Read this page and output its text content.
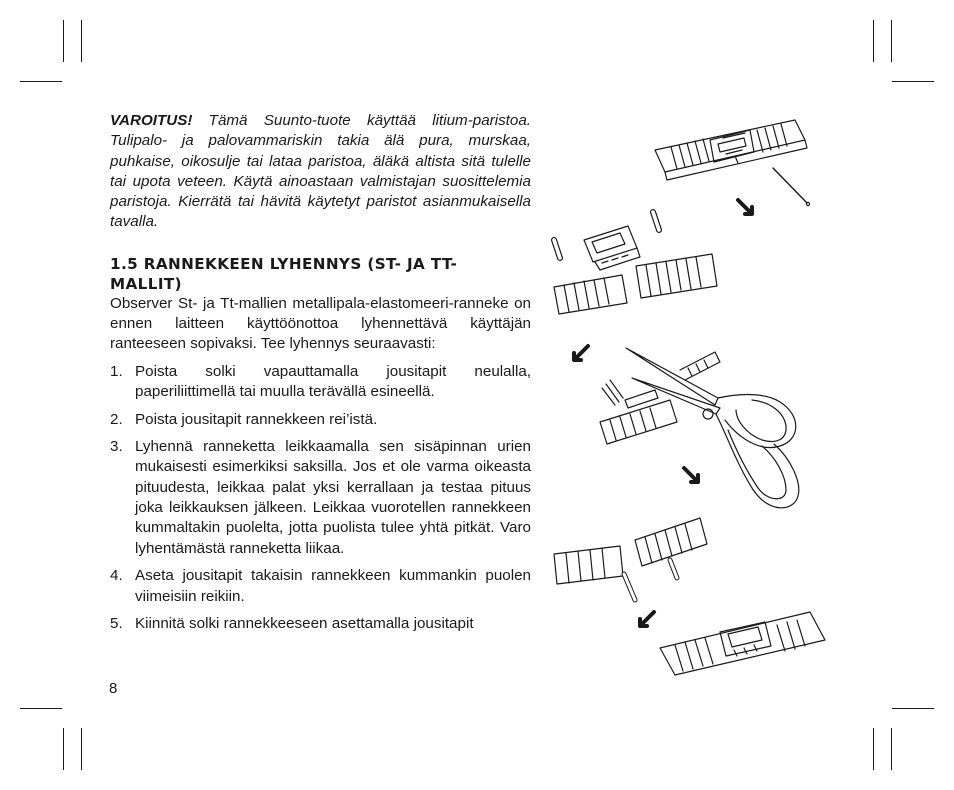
VAROITUS! Tämä Suunto-tuote käyttää litium-paristoa. Tulipalo- ja palovammariskin takia älä pura, murskaa, puhkaise, oikosulje tai lataa paristoa, äläkä altista sitä tulelle tai upota veteen. Käytä ainoastaan valmistajan suosittelemia paristoja. Kierrätä tai hävitä käytetyt paristot asianmukaisella tavalla.

1.5 RANNEKKEEN LYHENNYS (ST- JA TT-MALLIT)

Observer St- ja Tt-mallien metallipala-elastomeeri-ranneke on ennen laitteen käyttöönottoa lyhennettävä käyttäjän ranteeseen sopivaksi. Tee lyhennys seuraavasti:

1. Poista solki vapauttamalla jousitapit neulalla, paperiliittimellä tai muulla terävällä esineellä.
2. Poista jousitapit rannekkeen rei’istä.
3. Lyhennä ranneketta leikkaamalla sen sisäpinnan urien mukaisesti esimerkiksi saksilla. Jos et ole varma oikeasta pituudesta, leikkaa palat yksi kerrallaan ja testaa pituus joka leikkauksen jälkeen. Leikkaa vuorotellen rannekkeen kummaltakin puolelta, jotta puolista tulee yhtä pitkät. Varo lyhentämästä ranneketta liikaa.
4. Aseta jousitapit takaisin rannekkeen kummankin puolen viimeisiin reikiin.
5. Kiinnitä solki rannekkeeseen asettamalla jousitapit
8
